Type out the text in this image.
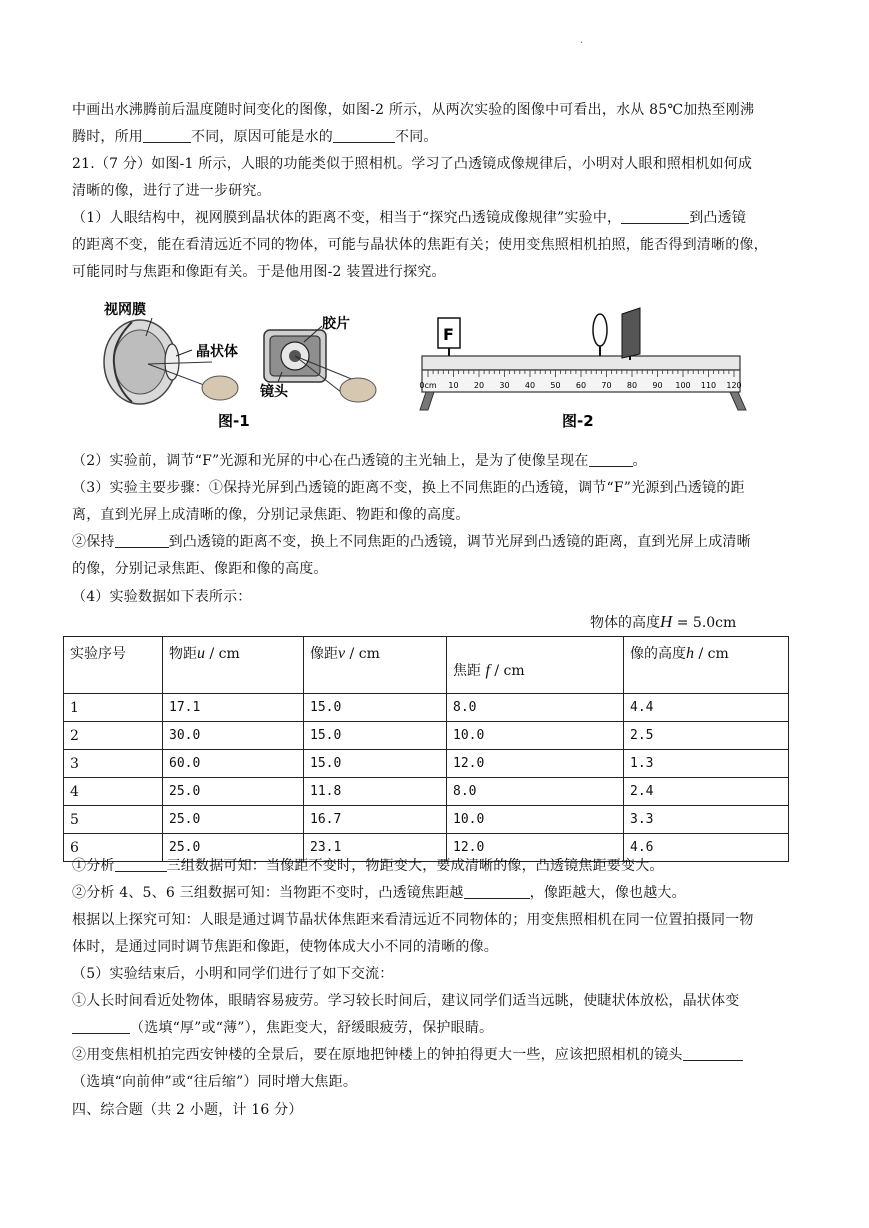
·
中画出水沸腾前后温度随时间变化的图像，如图-2 所示，从两次实验的图像中可看出，水从 85℃加热至刚沸
腾时，所用	不同，原因可能是水的	不同。
21.（7 分）如图-1 所示，人眼的功能类似于照相机。学习了凸透镜成像规律后，小明对人眼和照相机如何成
清晰的像，进行了进一步研究。
（1）人眼结构中，视网膜到晶状体的距离不变，相当于“探究凸透镜成像规律”实验中，	到凸透镜
的距离不变，能在看清远近不同的物体，可能与晶状体的焦距有关；使用变焦照相机拍照，能否得到清晰的像，
可能同时与焦距和像距有关。于是他用图-2 装置进行探究。
视网膜
晶状体
胶片
镜头
图-1
0cm 10 20 30 40 50 60 70 80 90 100 110 120
F
图-2
（2）实验前，调节“F”光源和光屏的中心在凸透镜的主光轴上，是为了使像呈现在	。
（3）实验主要步骤：①保持光屏到凸透镜的距离不变，换上不同焦距的凸透镜，调节“F”光源到凸透镜的距
离，直到光屏上成清晰的像，分别记录焦距、物距和像的高度。
②保持	到凸透镜的距离不变，换上不同焦距的凸透镜，调节光屏到凸透镜的距离，直到光屏上成清晰
的像，分别记录焦距、像距和像的高度。
（4）实验数据如下表所示：
物体的高度H = 5.0cm
实验序号	物距u / cm	像距v / cm	焦距 f / cm	像的高度h / cm
1	17.1	15.0	8.0	4.4
2	30.0	15.0	10.0	2.5
3	60.0	15.0	12.0	1.3
4	25.0	11.8	8.0	2.4
5	25.0	16.7	10.0	3.3
6	25.0	23.1	12.0	4.6
①分析	三组数据可知：当像距不变时，物距变大，要成清晰的像，凸透镜焦距要变大。
②分析 4、5、6 三组数据可知：当物距不变时，凸透镜焦距越	，像距越大，像也越大。
根据以上探究可知：人眼是通过调节晶状体焦距来看清远近不同物体的；用变焦照相机在同一位置拍摄同一物
体时，是通过同时调节焦距和像距，使物体成大小不同的清晰的像。
（5）实验结束后，小明和同学们进行了如下交流：
①人长时间看近处物体，眼睛容易疲劳。学习较长时间后，建议同学们适当远眺，使睫状体放松，晶状体变
（选填“厚”或“薄”），焦距变大，舒缓眼疲劳，保护眼睛。
②用变焦相机拍完西安钟楼的全景后，要在原地把钟楼上的钟拍得更大一些，应该把照相机的镜头
（选填“向前伸”或“往后缩”）同时增大焦距。
四、综合题（共 2 小题，计 16 分）
